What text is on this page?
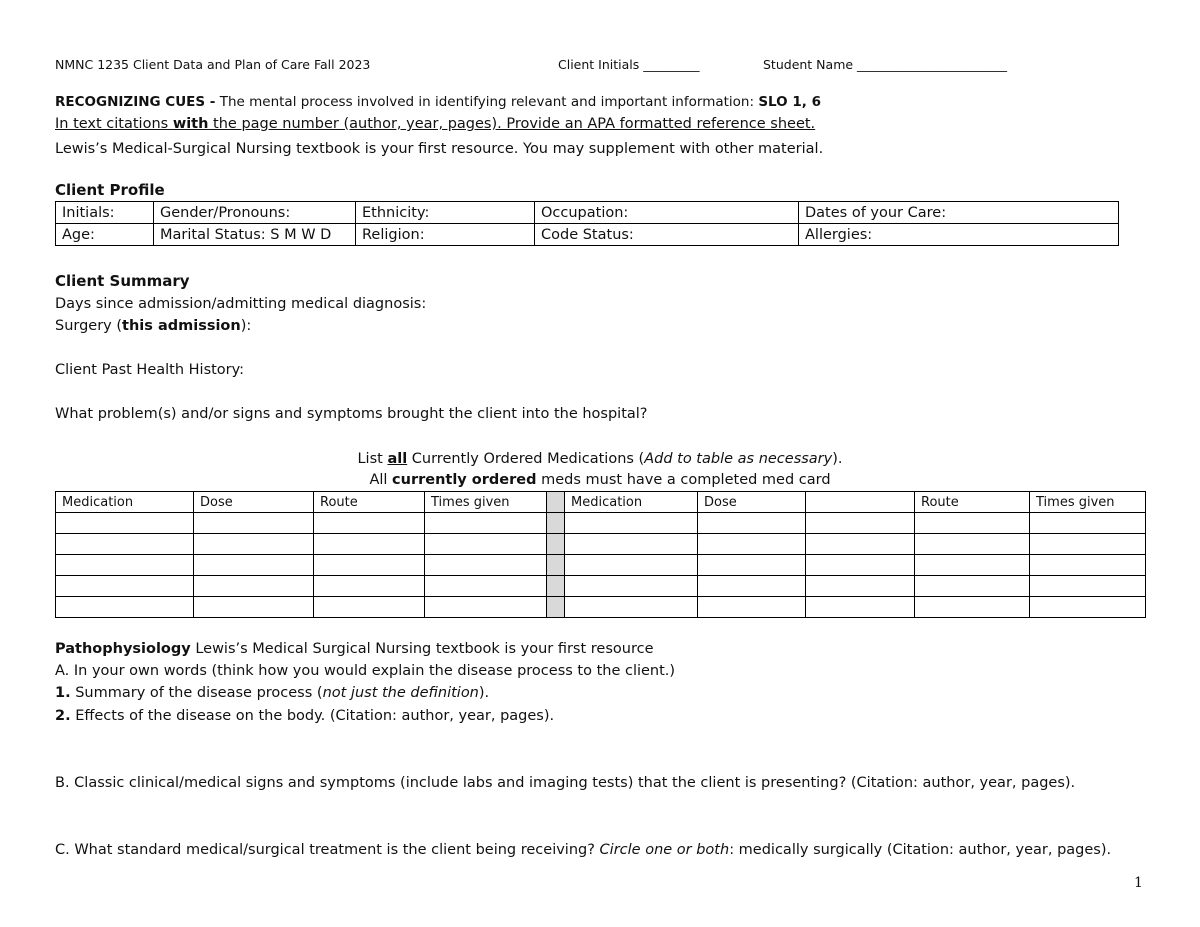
NMNC 1235 Client Data and Plan of Care Fall 2023	Client Initials _________	Student Name ________________________
RECOGNIZING CUES - The mental process involved in identifying relevant and important information: SLO 1, 6
In text citations with the page number (author, year, pages). Provide an APA formatted reference sheet.
Lewis’s Medical-Surgical Nursing textbook is your first resource. You may supplement with other material.
Client Profile
Initials:	Gender/Pronouns:	Ethnicity:	Occupation:	Dates of your Care:
Age:	Marital Status: S M W D	Religion:	Code Status:	Allergies:
Client Summary
Days since admission/admitting medical diagnosis:
Surgery (this admission):
Client Past Health History:
What problem(s) and/or signs and symptoms brought the client into the hospital?
List all Currently Ordered Medications (Add to table as necessary).
All currently ordered meds must have a completed med card
Medication	Dose	Route	Times given		Medication	Dose		Route	Times given

Pathophysiology Lewis’s Medical Surgical Nursing textbook is your first resource
A. In your own words (think how you would explain the disease process to the client.)
1. Summary of the disease process (not just the definition).
2. Effects of the disease on the body. (Citation: author, year, pages).
B. Classic clinical/medical signs and symptoms (include labs and imaging tests) that the client is presenting? (Citation: author, year, pages).
C. What standard medical/surgical treatment is the client being receiving? Circle one or both: medically surgically (Citation: author, year, pages).
1
